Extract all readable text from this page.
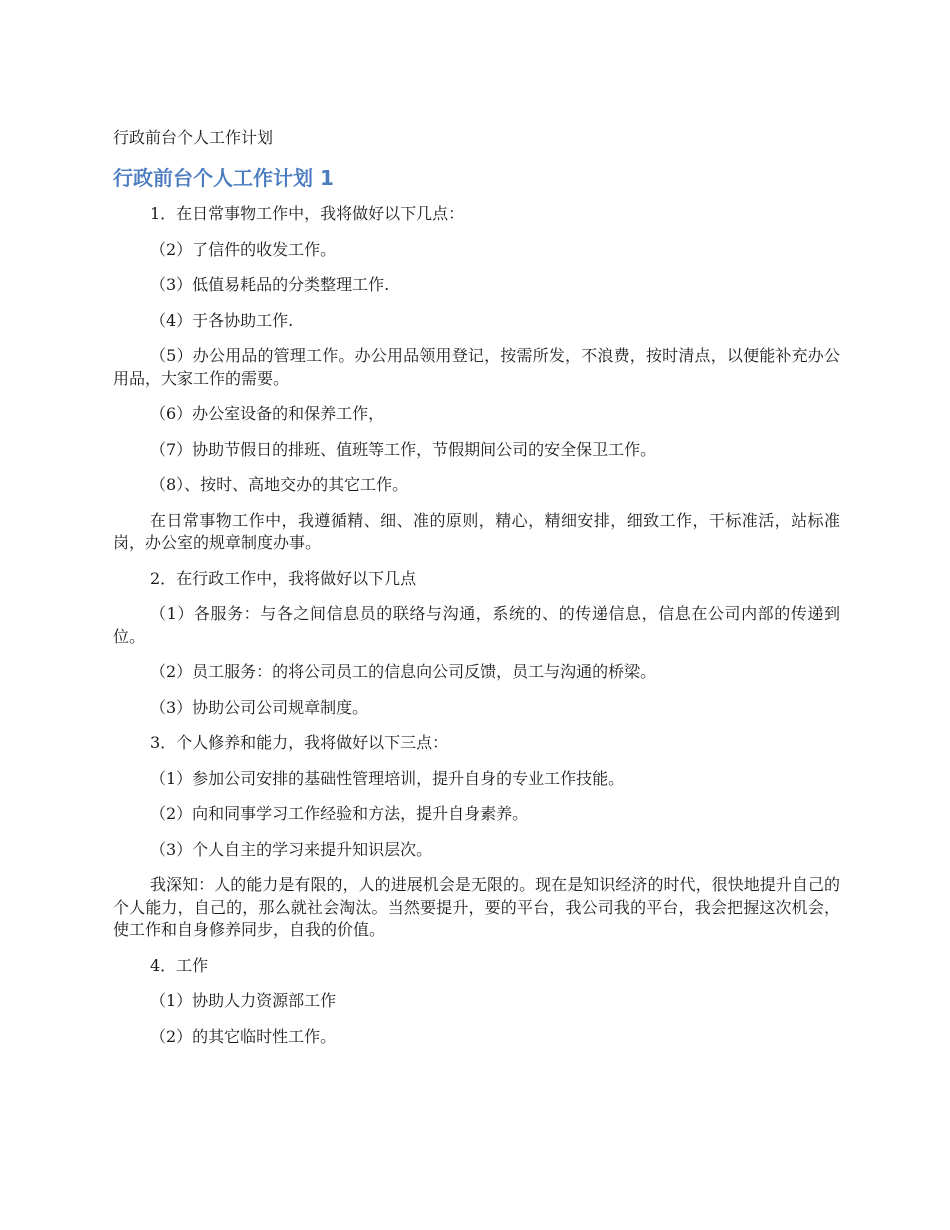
行政前台个人工作计划
行政前台个人工作计划 1

1．在日常事物工作中，我将做好以下几点：

（2）了信件的收发工作。

（3）低值易耗品的分类整理工作.

（4）于各协助工作.

（5）办公用品的管理工作。办公用品领用登记，按需所发，不浪费，按时清点，以便能补充办公用品，大家工作的需要。

（6）办公室设备的和保养工作，

（7）协助节假日的排班、值班等工作，节假期间公司的安全保卫工作。

（8）、按时、高地交办的其它工作。

在日常事物工作中，我遵循精、细、准的原则，精心，精细安排，细致工作，干标准活，站标准岗，办公室的规章制度办事。

2．在行政工作中，我将做好以下几点

（1）各服务：与各之间信息员的联络与沟通，系统的、的传递信息，信息在公司内部的传递到位。

（2）员工服务：的将公司员工的信息向公司反馈，员工与沟通的桥梁。

（3）协助公司公司规章制度。

3．个人修养和能力，我将做好以下三点：

（1）参加公司安排的基础性管理培训，提升自身的专业工作技能。

（2）向和同事学习工作经验和方法，提升自身素养。

（3）个人自主的学习来提升知识层次。

我深知：人的能力是有限的，人的进展机会是无限的。现在是知识经济的时代，很快地提升自己的个人能力，自己的，那么就社会淘汰。当然要提升，要的平台，我公司我的平台，我会把握这次机会，使工作和自身修养同步，自我的价值。

4．工作

（1）协助人力资源部工作

（2）的其它临时性工作。
